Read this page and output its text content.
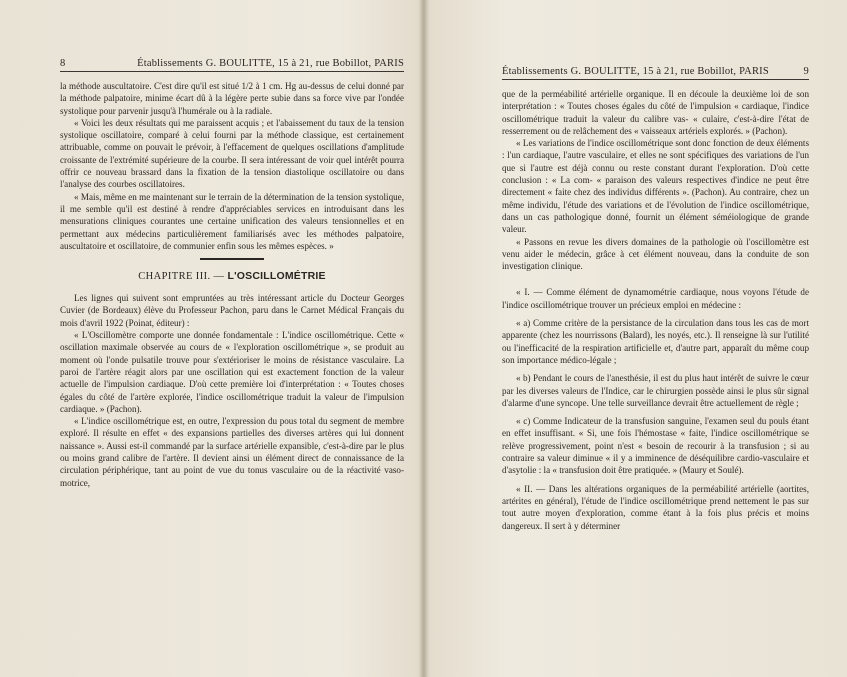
8	Établissements G. BOULITTE, 15 à 21, rue Bobillot, PARIS

la méthode auscultatoire. C'est dire qu'il est situé 1/2 à 1 cm. Hg au-dessus de celui donné par la méthode palpatoire, minime écart dû à la légère perte subie dans sa force vive par l'ondée systolique pour parvenir jusqu'à l'humérale ou à la radiale.

« Voici les deux résultats qui me paraissent acquis ; et l'abaissement du taux de la tension systolique oscillatoire, comparé à celui fourni par la méthode classique, est certainement attribuable, comme on pouvait le prévoir, à l'effacement de quelques oscillations d'amplitude croissante de l'extrémité supérieure de la courbe. Il sera intéressant de voir quel intérêt pourra offrir ce nouveau brassard dans la fixation de la tension diastolique oscillatoire ou dans l'analyse des courbes oscillatoires.

« Mais, même en me maintenant sur le terrain de la détermination de la tension systolique, il me semble qu'il est destiné à rendre d'appréciables services en introduisant dans les mensurations cliniques courantes une certaine unification des valeurs tensionnelles et en permettant aux médecins particulièrement familiarisés avec les méthodes palpatoire, auscultatoire et oscillatoire, de communier enfin sous les mêmes espèces. »

CHAPITRE III. — L'OSCILLOMÉTRIE

Les lignes qui suivent sont empruntées au très intéressant article du Docteur Georges Cuvier (de Bordeaux) élève du Professeur Pachon, paru dans le Carnet Médical Français du mois d'avril 1922 (Poinat, éditeur) :

« L'Oscillomètre comporte une donnée fondamentale : L'indice oscillométrique. Cette « oscillation maximale observée au cours de « l'exploration oscillométrique », se produit au moment où l'onde pulsatile trouve pour s'extérioriser le moins de résistance vasculaire. La paroi de l'artère réagit alors par une oscillation qui est exactement fonction de la valeur actuelle de l'impulsion cardiaque. D'où cette première loi d'interprétation : « Toutes choses égales du côté de l'artère explorée, l'indice oscillométrique traduit la valeur de l'impulsion cardiaque. » (Pachon).

« L'indice oscillométrique est, en outre, l'expression du pous total du segment de membre exploré. Il résulte en effet « des expansions partielles des diverses artères qui lui donnent naissance ». Aussi est-il commandé par la surface artérielle expansible, c'est-à-dire par le plus ou moins grand calibre de l'artère. Il devient ainsi un élément direct de connaissance de la circulation périphérique, tant au point de vue du tonus vasculaire ou de la réactivité vaso-motrice,

Établissements G. BOULITTE, 15 à 21, rue Bobillot, PARIS	9

que de la perméabilité artérielle organique. Il en découle la deuxième loi de son interprétation : « Toutes choses égales du côté de l'impulsion « cardiaque, l'indice oscillométrique traduit la valeur du calibre vas- « culaire, c'est-à-dire l'état de resserrement ou de relâchement des « vaisseaux artériels explorés. » (Pachon).

« Les variations de l'indice oscillométrique sont donc fonction de deux éléments : l'un cardiaque, l'autre vasculaire, et elles ne sont spécifiques des variations de l'un que si l'autre est déjà connu ou reste constant durant l'exploration. D'où cette conclusion : « La com- « paraison des valeurs respectives d'indice ne peut être directement « faite chez des individus différents ». (Pachon). Au contraire, chez un même individu, l'étude des variations et de l'évolution de l'indice oscillométrique, dans un cas pathologique donné, fournit un élément séméiologique de grande valeur.

« Passons en revue les divers domaines de la pathologie où l'oscillomètre est venu aider le médecin, grâce à cet élément nouveau, dans la conduite de son investigation clinique.

« I. — Comme élément de dynamométrie cardiaque, nous voyons l'étude de l'indice oscillométrique trouver un précieux emploi en médecine :

« a) Comme critère de la persistance de la circulation dans tous les cas de mort apparente (chez les nourrissons (Balard), les noyés, etc.). Il renseigne là sur l'utilité ou l'inefficacité de la respiration artificielle et, d'autre part, apparaît du même coup son importance médico-légale ;

« b) Pendant le cours de l'anesthésie, il est du plus haut intérêt de suivre le cœur par les diverses valeurs de l'Indice, car le chirurgien possède ainsi le plus sûr signal d'alarme d'une syncope. Une telle surveillance devrait être actuellement de règle ;

« c) Comme Indicateur de la transfusion sanguine, l'examen seul du pouls étant en effet insuffisant. « Si, une fois l'hémostase « faite, l'indice oscillométrique se relève progressivement, point n'est « besoin de recourir à la transfusion ; si au contraire sa valeur diminue « il y a imminence de déséquilibre cardio-vasculaire et d'asytolie : la « transfusion doit être pratiquée. » (Maury et Soulé).

« II. — Dans les altérations organiques de la perméabilité artérielle (aortites, artérites en général), l'étude de l'indice oscillométrique prend nettement le pas sur tout autre moyen d'exploration, comme étant à la fois plus précis et moins dangereux. Il sert à y déterminer
